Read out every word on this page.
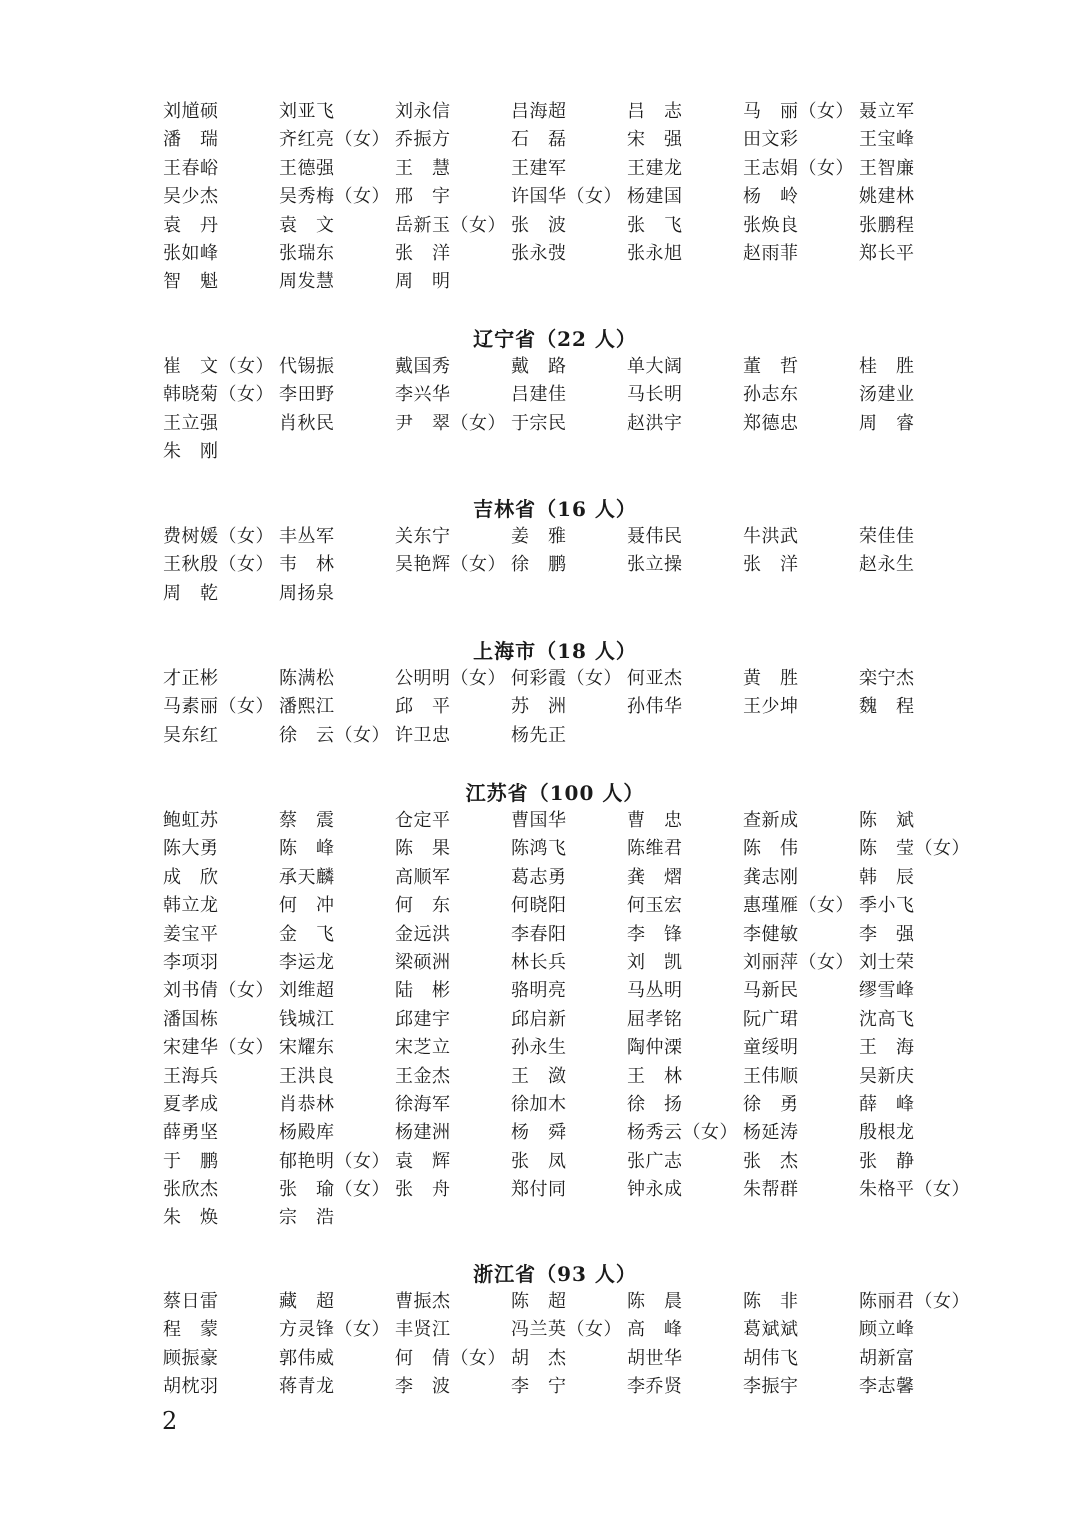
刘馗硕	刘亚飞	刘永信	吕海超	吕　志	马　丽（女） 聂立军
潘　瑞	齐红亮（女） 乔振方	石　磊	宋　强	田文彩	王宝峰
王春峪	王德强	王　慧	王建军	王建龙	王志娟（女） 王智廉
吴少杰	吴秀梅（女） 邢　宇	许国华（女） 杨建国	杨　岭	姚建林
袁　丹	袁　文	岳新玉（女） 张　波	张　飞	张焕良	张鹏程
张如峰	张瑞东	张　洋	张永弢	张永旭	赵雨菲	郑长平
智　魁	周发慧	周　明
辽宁省（22 人）
崔　文（女） 代锡振	戴国秀	戴　路	单大阔	董　哲	桂　胜
韩晓菊（女） 李田野	李兴华	吕建佳	马长明	孙志东	汤建业
王立强	肖秋民	尹　翠（女） 于宗民	赵洪宇	郑德忠	周　睿
朱　刚
吉林省（16 人）
费树媛（女） 丰丛军	关东宁	姜　雅	聂伟民	牛洪武	荣佳佳
王秋殷（女） 韦　林	吴艳辉（女） 徐　鹏	张立操	张　洋	赵永生
周　乾	周扬泉
上海市（18 人）
才正彬	陈满松	公明明（女） 何彩霞（女） 何亚杰	黄　胜	栾宁杰
马素丽（女） 潘熙江	邱　平	苏　洲	孙伟华	王少坤	魏　程
吴东红	徐　云（女） 许卫忠	杨先正
江苏省（100 人）
鲍虹苏	蔡　震	仓定平	曹国华	曹　忠	查新成	陈　斌
陈大勇	陈　峰	陈　果	陈鸿飞	陈维君	陈　伟	陈　莹（女）
成　欣	承天麟	高顺军	葛志勇	龚　熠	龚志刚	韩　辰
韩立龙	何　冲	何　东	何晓阳	何玉宏	惠瑾雁（女） 季小飞
姜宝平	金　飞	金远洪	李春阳	李　锋	李健敏	李　强
李项羽	李运龙	梁硕洲	林长兵	刘　凯	刘丽萍（女） 刘士荣
刘书倩（女） 刘维超	陆　彬	骆明亮	马丛明	马新民	缪雪峰
潘国栋	钱城江	邱建宇	邱启新	屈孝铭	阮广珺	沈高飞
宋建华（女） 宋耀东	宋芝立	孙永生	陶仲溧	童绥明	王　海
王海兵	王洪良	王金杰	王　潋	王　林	王伟顺	吴新庆
夏孝成	肖恭林	徐海军	徐加木	徐　扬	徐　勇	薛　峰
薛勇坚	杨殿库	杨建洲	杨　舜	杨秀云（女） 杨延涛	殷根龙
于　鹏	郁艳明（女） 袁　辉	张　凤	张广志	张　杰	张　静
张欣杰	张　瑜（女） 张　舟	郑付同	钟永成	朱帮群	朱格平（女）
朱　焕	宗　浩
浙江省（93 人）
蔡日雷	藏　超	曹振杰	陈　超	陈　晨	陈　非	陈丽君（女）
程　蒙	方灵锋（女） 丰贤江	冯兰英（女） 高　峰	葛斌斌	顾立峰
顾振豪	郭伟威	何　倩（女） 胡　杰	胡世华	胡伟飞	胡新富
胡枕羽	蒋青龙	李　波	李　宁	李乔贤	李振宇	李志馨
2
